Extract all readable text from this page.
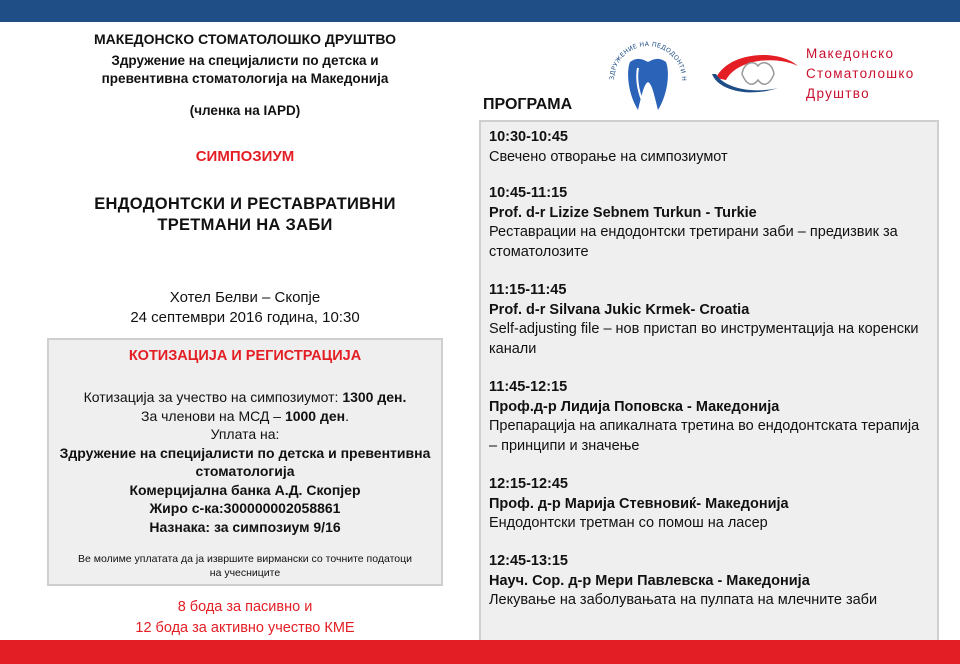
МАКЕДОНСКО СТОМАТОЛОШКО ДРУШТВО
Здружение на специјалисти по детска и
превентивна стоматологија на Македонија
(членка на IAPD)
СИМПОЗИУМ
ЕНДОДОНТСКИ И РЕСТАВРАТИВНИ
ТРЕТМАНИ НА ЗАБИ
Хотел Белви – Скопје
24 септември 2016 година, 10:30
КОТИЗАЦИЈА И РЕГИСТРАЦИЈА
Котизација за учество на симпозиумот: 1300 ден.
За членови на МСД – 1000 ден.
Уплата на:
Здружение на специјалисти по детска и превентивна
стоматологија
Комерцијална банка А.Д. Скопјер
Жиро с-ка:300000002058861
Назнака: за симпозиум 9/16
Ве молиме уплатата да ја извршите вирмански со точните податоци
на учесниците
8 бода за пасивно и
12 бода за активно учество КМЕ
ЗДРУЖЕНИЕ НА ПЕДОДОНТИ Н
Македонско
Стоматолошко
Друштво
ПРОГРАМА
10:30-10:45
Свечено отворање на симпозиумот
10:45-11:15
Prof. d-r Lizize Sebnem Turkun - Turkie
Реставрации на ендодонтски третирани заби – предизвик за стоматолозите
11:15-11:45
Prof. d-r Silvana Jukic Krmek- Croatia
Self-adjusting file – нов пристап во инструментација на коренски канали
11:45-12:15
Проф.д-р Лидија Поповска - Македонија
Препарација на апикалната третина во ендодонтската терапија – принципи и значење
12:15-12:45
Проф. д-р Марија Стевновиќ- Македонија
Ендодонтски третман со помош на ласер
12:45-13:15
Науч. Сор. д-р Мери Павлевска - Македонија
Лекување на заболувањата на пулпата на млечните заби
